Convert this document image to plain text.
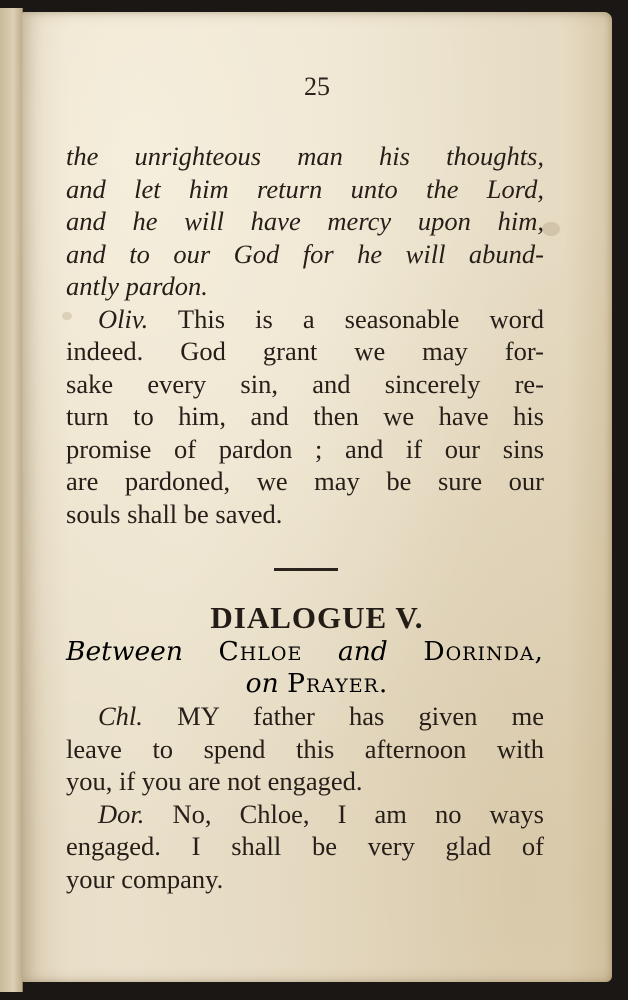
25
the unrighteous man his thoughts,
and let him return unto the Lord,
and he will have mercy upon him,
and to our God for he will abund-
antly pardon.
Oliv. This is a seasonable word
indeed. God grant we may for-
sake every sin, and sincerely re-
turn to him, and then we have his
promise of pardon ; and if our sins
are pardoned, we may be sure our
souls shall be saved.
DIALOGUE V.
Between Chloe and Dorinda,
on Prayer.
Chl. MY father has given me
leave to spend this afternoon with
you, if you are not engaged.
Dor. No, Chloe, I am no ways
engaged. I shall be very glad of
your company.
